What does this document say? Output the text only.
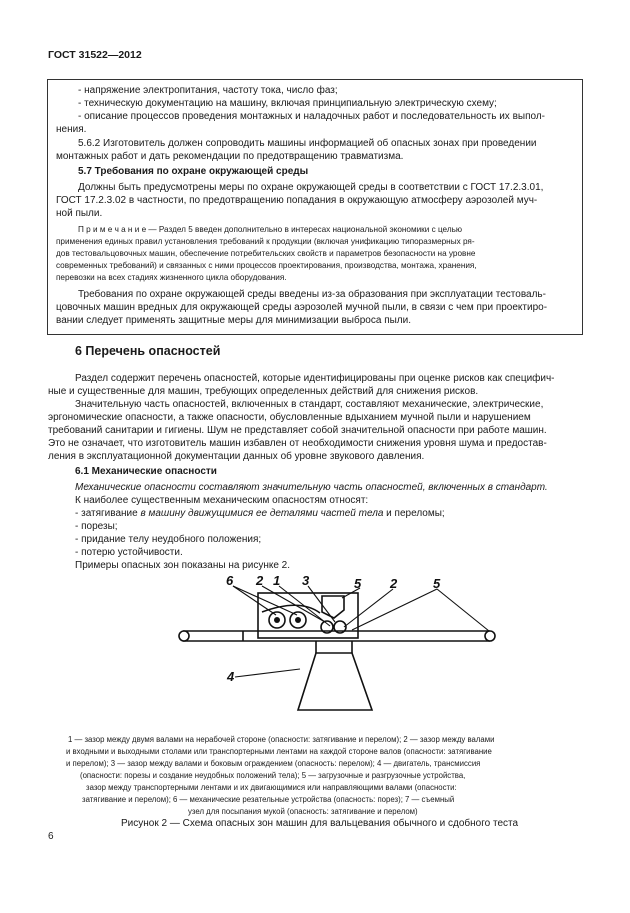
ГОСТ 31522—2012
- напряжение электропитания, частоту тока, число фаз;
- техническую документацию на машину, включая принципиальную электрическую схему;
- описание процессов проведения монтажных и наладочных работ и последовательность их выпол-
нения.
5.6.2 Изготовитель должен сопроводить машины информацией об опасных зонах при проведении
монтажных работ и дать рекомендации по предотвращению травматизма.
5.7 Требования по охране окружающей среды
Должны быть предусмотрены меры по охране окружающей среды в соответствии с ГОСТ 17.2.3.01,
ГОСТ 17.2.3.02 в частности, по предотвращению попадания в окружающую атмосферу аэрозолей муч-
ной пыли.
П р и м е ч а н и е — Раздел 5 введен дополнительно в интересах национальной экономики с целью
применения единых правил установления требований к продукции (включая унификацию типоразмерных ря-
дов тестовальцовочных машин, обеспечение потребительских свойств и параметров безопасности на уровне
современных требований) и связанных с ними процессов проектирования, производства, монтажа, хранения,
перевозки на всех стадиях жизненного цикла оборудования.
Требования по охране окружающей среды введены из-за образования при эксплуатации тестоваль-
цовочных машин вредных для окружающей среды аэрозолей мучной пыли, в связи с чем при проектиро-
вании следует применять защитные меры для минимизации выброса пыли.
6 Перечень опасностей
Раздел содержит перечень опасностей, которые идентифицированы при оценке рисков как специфич-
ные и существенные для машин, требующих определенных действий для снижения рисков.
Значительную часть опасностей, включенных в стандарт, составляют механические, электрические,
эргономические опасности, а также опасности, обусловленные вдыханием мучной пыли и нарушением
требований санитарии и гигиены. Шум не представляет собой значительной опасности при работе машин.
Это не означает, что изготовитель машин избавлен от необходимости снижения уровня шума и предостав-
ления в эксплуатационной документации данных об уровне звукового давления.
6.1 Механические опасности
Механические опасности составляют значительную часть опасностей, включенных в стандарт.
К наиболее существенным механическим опасностям относят:
- затягивание в машину движущимися ее деталями частей тела и переломы;
- порезы;
- придание телу неудобного положения;
- потерю устойчивости.
Примеры опасных зон показаны на рисунке 2.
6 2 1 3	5 2	5
4
1 — зазор между двумя валами на нерабочей стороне (опасности: затягивание и перелом); 2 — зазор между валами
и входными и выходными столами или транспортерными лентами на каждой стороне валов (опасности: затягивание
и перелом); 3 — зазор между валами и боковым ограждением (опасность: перелом); 4 — двигатель, трансмиссия
(опасности: порезы и создание неудобных положений тела); 5 — загрузочные и разгрузочные устройства,
зазор между транспортерными лентами и их двигающимися или направляющими валами (опасности:
затягивание и перелом); 6 — механические резательные устройства (опасность: порез); 7 — съемный
узел для посыпания мукой (опасность: затягивание и перелом)
Рисунок 2 — Схема опасных зон машин для вальцевания обычного и сдобного теста
6
